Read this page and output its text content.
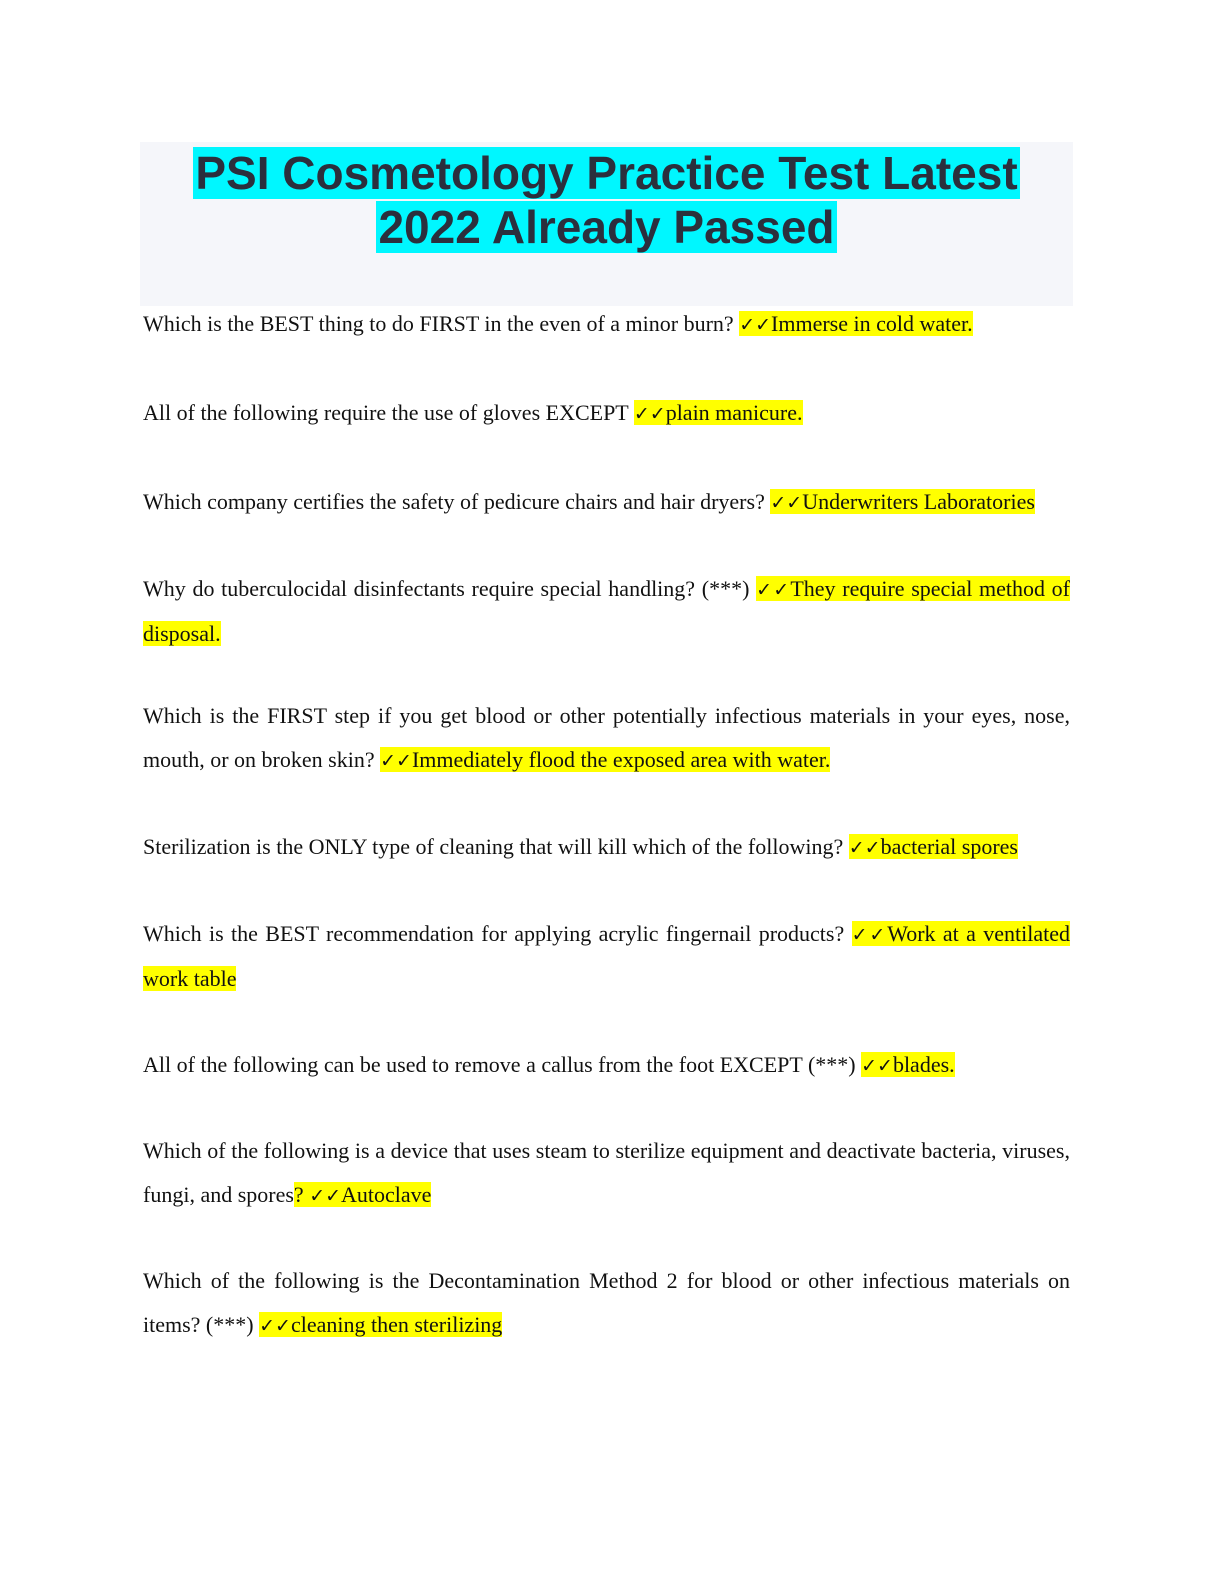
PSI Cosmetology Practice Test Latest
2022 Already Passed

Which is the BEST thing to do FIRST in the even of a minor burn? ✓✓Immerse in cold water.

All of the following require the use of gloves EXCEPT ✓✓plain manicure.

Which company certifies the safety of pedicure chairs and hair dryers? ✓✓Underwriters Laboratories

Why do tuberculocidal disinfectants require special handling? (***) ✓✓They require special method of disposal.

Which is the FIRST step if you get blood or other potentially infectious materials in your eyes, nose, mouth, or on broken skin? ✓✓Immediately flood the exposed area with water.

Sterilization is the ONLY type of cleaning that will kill which of the following? ✓✓bacterial spores

Which is the BEST recommendation for applying acrylic fingernail products? ✓✓Work at a ventilated work table

All of the following can be used to remove a callus from the foot EXCEPT (***) ✓✓blades.

Which of the following is a device that uses steam to sterilize equipment and deactivate bacteria, viruses, fungi, and spores? ✓✓Autoclave

Which of the following is the Decontamination Method 2 for blood or other infectious materials on items? (***) ✓✓cleaning then sterilizing
